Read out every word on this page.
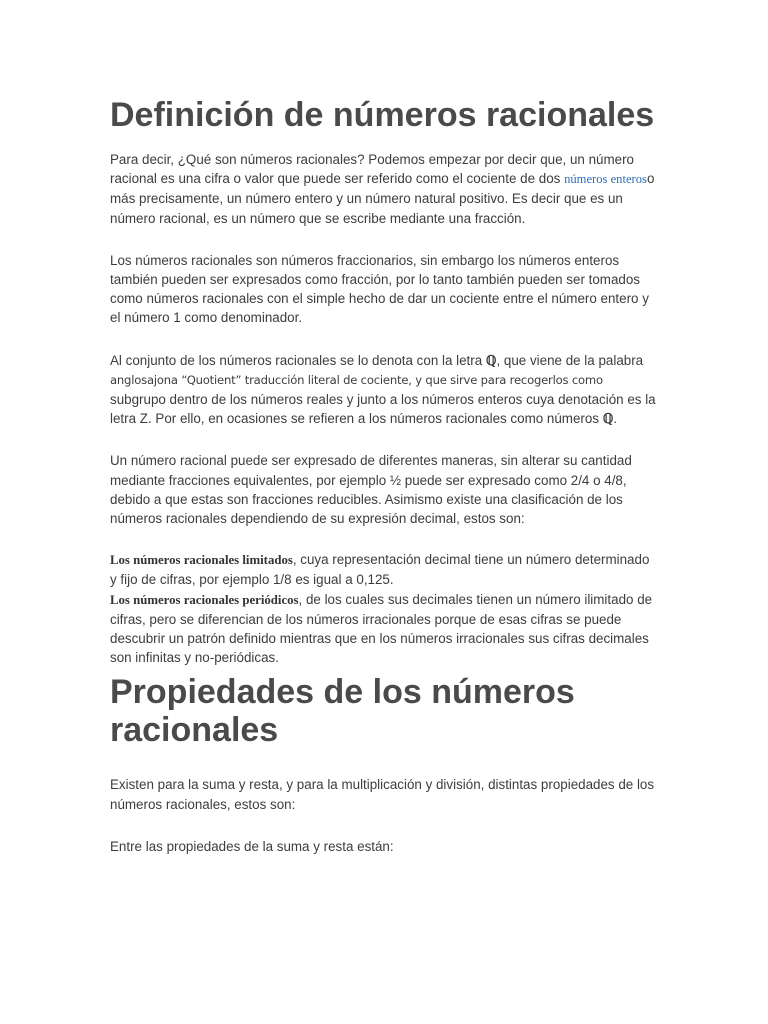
Definición de números racionales

Para decir, ¿Qué son números racionales? Podemos empezar por decir que, un número racional es una cifra o valor que puede ser referido como el cociente de dos números enteroso más precisamente, un número entero y un número natural positivo. Es decir que es un número racional, es un número que se escribe mediante una fracción.

Los números racionales son números fraccionarios, sin embargo los números enteros también pueden ser expresados como fracción, por lo tanto también pueden ser tomados como números racionales con el simple hecho de dar un cociente entre el número entero y el número 1 como denominador.

Al conjunto de los números racionales se lo denota con la letra ℚ, que viene de la palabra
anglosajona “Quotient” traducción literal de cociente, y que sirve para recogerlos como
subgrupo dentro de los números reales y junto a los números enteros cuya denotación es la letra Z. Por ello, en ocasiones se refieren a los números racionales como números ℚ.

Un número racional puede ser expresado de diferentes maneras, sin alterar su cantidad mediante fracciones equivalentes, por ejemplo ½ puede ser expresado como 2/4 o 4/8, debido a que estas son fracciones reducibles. Asimismo existe una clasificación de los números racionales dependiendo de su expresión decimal, estos son:

Los números racionales limitados, cuya representación decimal tiene un número determinado y fijo de cifras, por ejemplo 1/8 es igual a 0,125.

Los números racionales periódicos, de los cuales sus decimales tienen un número ilimitado de cifras, pero se diferencian de los números irracionales porque de esas cifras se puede descubrir un patrón definido mientras que en los números irracionales sus cifras decimales son infinitas y no-periódicas.

Propiedades de los números racionales

Existen para la suma y resta, y para la multiplicación y división, distintas propiedades de los números racionales, estos son:

Entre las propiedades de la suma y resta están:
